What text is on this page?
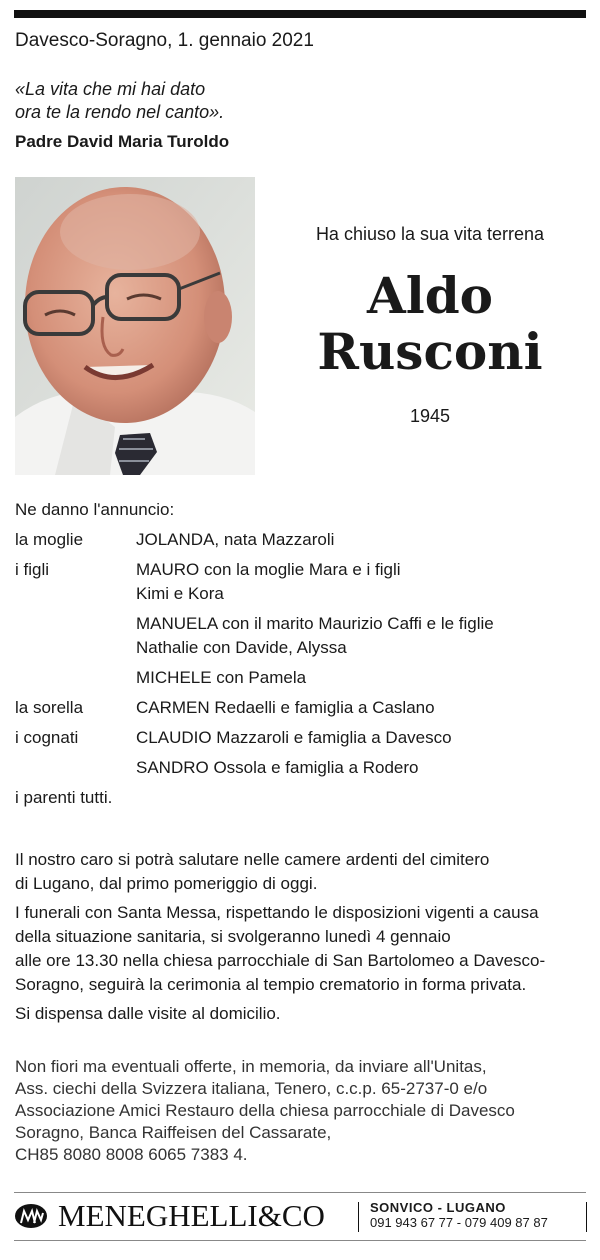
Davesco-Soragno, 1. gennaio 2021
«La vita che mi hai dato
ora te la rendo nel canto».
Padre David Maria Turoldo
Ha chiuso la sua vita terrena
Aldo
Rusconi
1945
Ne danno l'annuncio:
la moglie	JOLANDA, nata Mazzaroli
i figli	MAURO con la moglie Mara e i figli
Kimi e Kora
MANUELA con il marito Maurizio Caffi e le figlie
Nathalie con Davide, Alyssa
MICHELE con Pamela
la sorella	CARMEN Redaelli e famiglia a Caslano
i cognati	CLAUDIO Mazzaroli e famiglia a Davesco
SANDRO Ossola e famiglia a Rodero
i parenti tutti.

Il nostro caro si potrà salutare nelle camere ardenti del cimitero
di Lugano, dal primo pomeriggio di oggi.

I funerali con Santa Messa, rispettando le disposizioni vigenti a causa
della situazione sanitaria, si svolgeranno lunedì 4 gennaio
alle ore 13.30 nella chiesa parrocchiale di San Bartolomeo a Davesco-
Soragno, seguirà la cerimonia al tempio crematorio in forma privata.

Si dispensa dalle visite al domicilio.

Non fiori ma eventuali offerte, in memoria, da inviare all'Unitas,
Ass. ciechi della Svizzera italiana, Tenero, c.c.p. 65-2737-0 e/o
Associazione Amici Restauro della chiesa parrocchiale di Davesco
Soragno, Banca Raiffeisen del Cassarate,
CH85 8080 8008 6065 7383 4.
MENEGHELLI&CO	SONVICO - LUGANO
091 943 67 77 - 079 409 87 87
